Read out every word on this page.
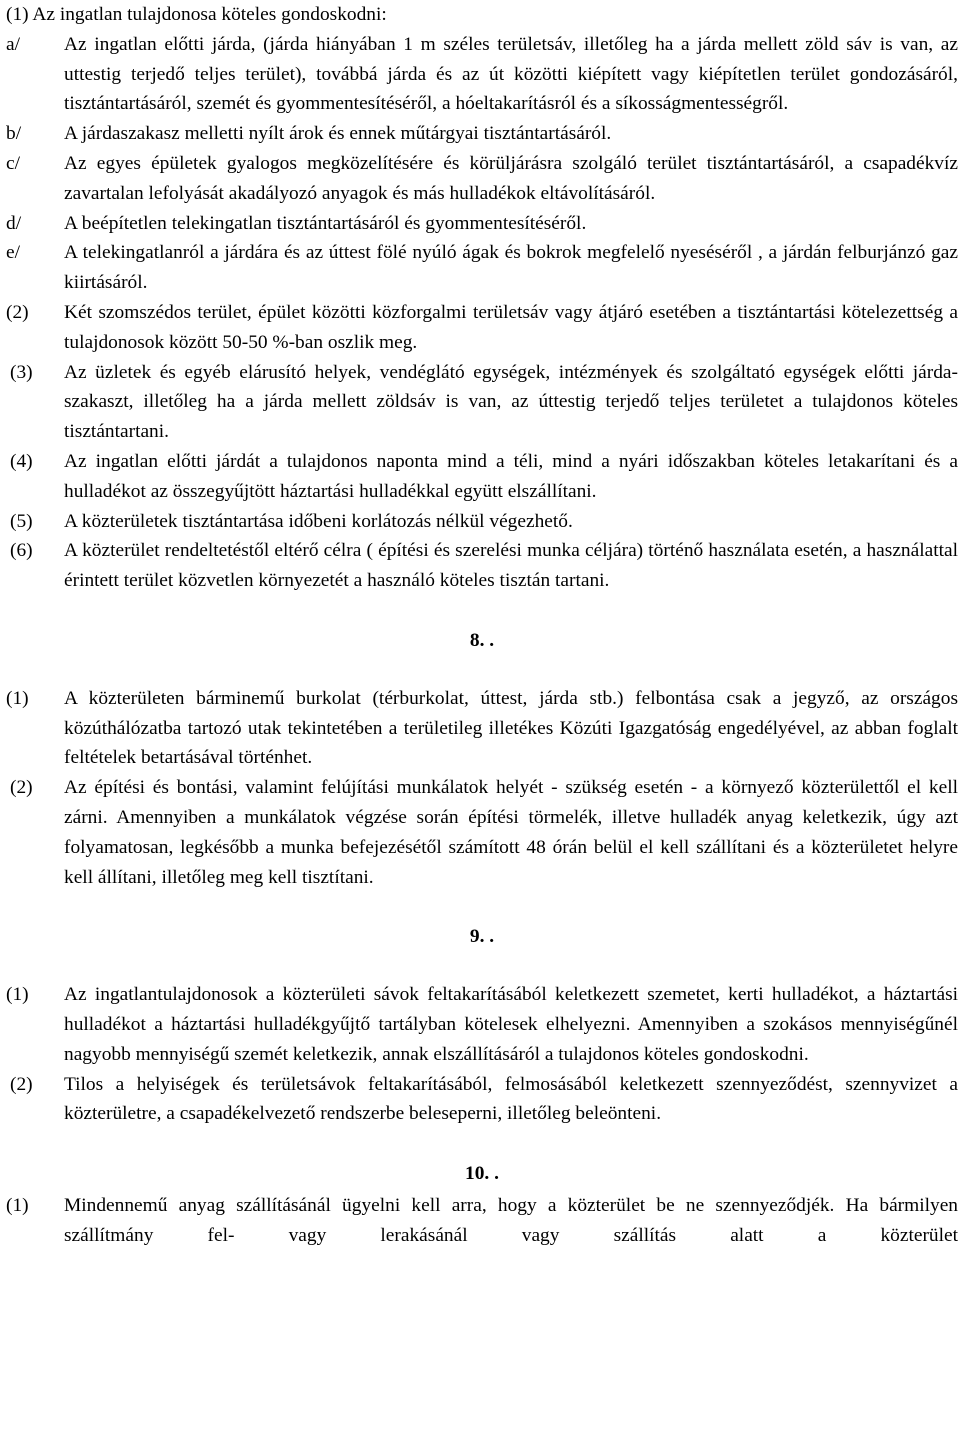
(1) Az ingatlan tulajdonosa köteles gondoskodni:
a/	Az ingatlan előtti járda, (járda hiányában 1 m széles területsáv, illetőleg ha a járda mellett zöld sáv is van, az uttestig terjedő teljes terület), továbbá járda és az út közötti kiépített vagy kiépítetlen terület gondozásáról, tisztántartásáról, szemét és gyommentesítéséről, a hóeltakarításról és a síkosságmentességről.
b/	A járdaszakasz melletti nyílt árok és ennek műtárgyai tisztántartásáról.
c/	Az egyes épületek gyalogos megközelítésére és körüljárásra szolgáló terület tisztántartásáról, a csapadékvíz zavartalan lefolyását akadályozó anyagok és más hulladékok eltávolításáról.
d/	A beépítetlen telekingatlan tisztántartásáról és gyommentesítéséről.
e/	A telekingatlanról a járdára és az úttest fölé nyúló ágak és bokrok megfelelő nyeséséről , a járdán felburjánzó gaz kiirtásáról.
(2)	Két szomszédos terület, épület közötti közforgalmi területsáv vagy átjáró esetében a tisztántartási kötelezettség a tulajdonosok között 50-50 %-ban oszlik meg.
(3)	Az üzletek és egyéb elárusító helyek, vendéglátó egységek, intézmények és szolgáltató egységek előtti járda-szakaszt, illetőleg ha a járda mellett zöldsáv is van, az úttestig terjedő teljes területet a tulajdonos köteles tisztántartani.
(4)	Az ingatlan előtti járdát a tulajdonos naponta mind a téli, mind a nyári időszakban köteles letakarítani és a hulladékot az összegyűjtött háztartási hulladékkal együtt elszállítani.
(5)	A közterületek tisztántartása időbeni korlátozás nélkül végezhető.
(6)	A közterület rendeltetéstől eltérő célra ( építési és szerelési munka céljára) történő használata esetén, a használattal érintett terület közvetlen környezetét a használó köteles tisztán tartani.
8. .
(1)	A közterületen bárminemű burkolat (térburkolat, úttest, járda stb.) felbontása csak a jegyző, az országos közúthálózatba tartozó utak tekintetében a területileg illetékes Közúti Igazgatóság engedélyével, az abban foglalt feltételek betartásával történhet.
(2)	Az építési és bontási, valamint felújítási munkálatok helyét - szükség esetén - a környező közterülettől el kell zárni. Amennyiben a munkálatok végzése során építési törmelék, illetve hulladék anyag keletkezik, úgy azt folyamatosan, legkésőbb a munka befejezésétől számított 48 órán belül el kell szállítani és a közterületet helyre kell állítani, illetőleg meg kell tisztítani.
9. .
(1)	Az ingatlantulajdonosok a közterületi sávok feltakarításából keletkezett szemetet, kerti hulladékot, a háztartási hulladékot a háztartási hulladékgyűjtő tartályban kötelesek elhelyezni. Amennyiben a szokásos mennyiségűnél nagyobb mennyiségű szemét keletkezik, annak elszállításáról a tulajdonos köteles gondoskodni.
(2)	Tilos a helyiségek és területsávok feltakarításából, felmosásából keletkezett szennyeződést, szennyvizet a közterületre, a csapadékelvezető rendszerbe beleseperni, illetőleg beleönteni.
10. .
(1)	Mindennemű anyag szállításánál ügyelni kell arra, hogy a közterület be ne szennyeződjék. Ha bármilyen szállítmány fel- vagy lerakásánál vagy szállítás alatt a közterület
